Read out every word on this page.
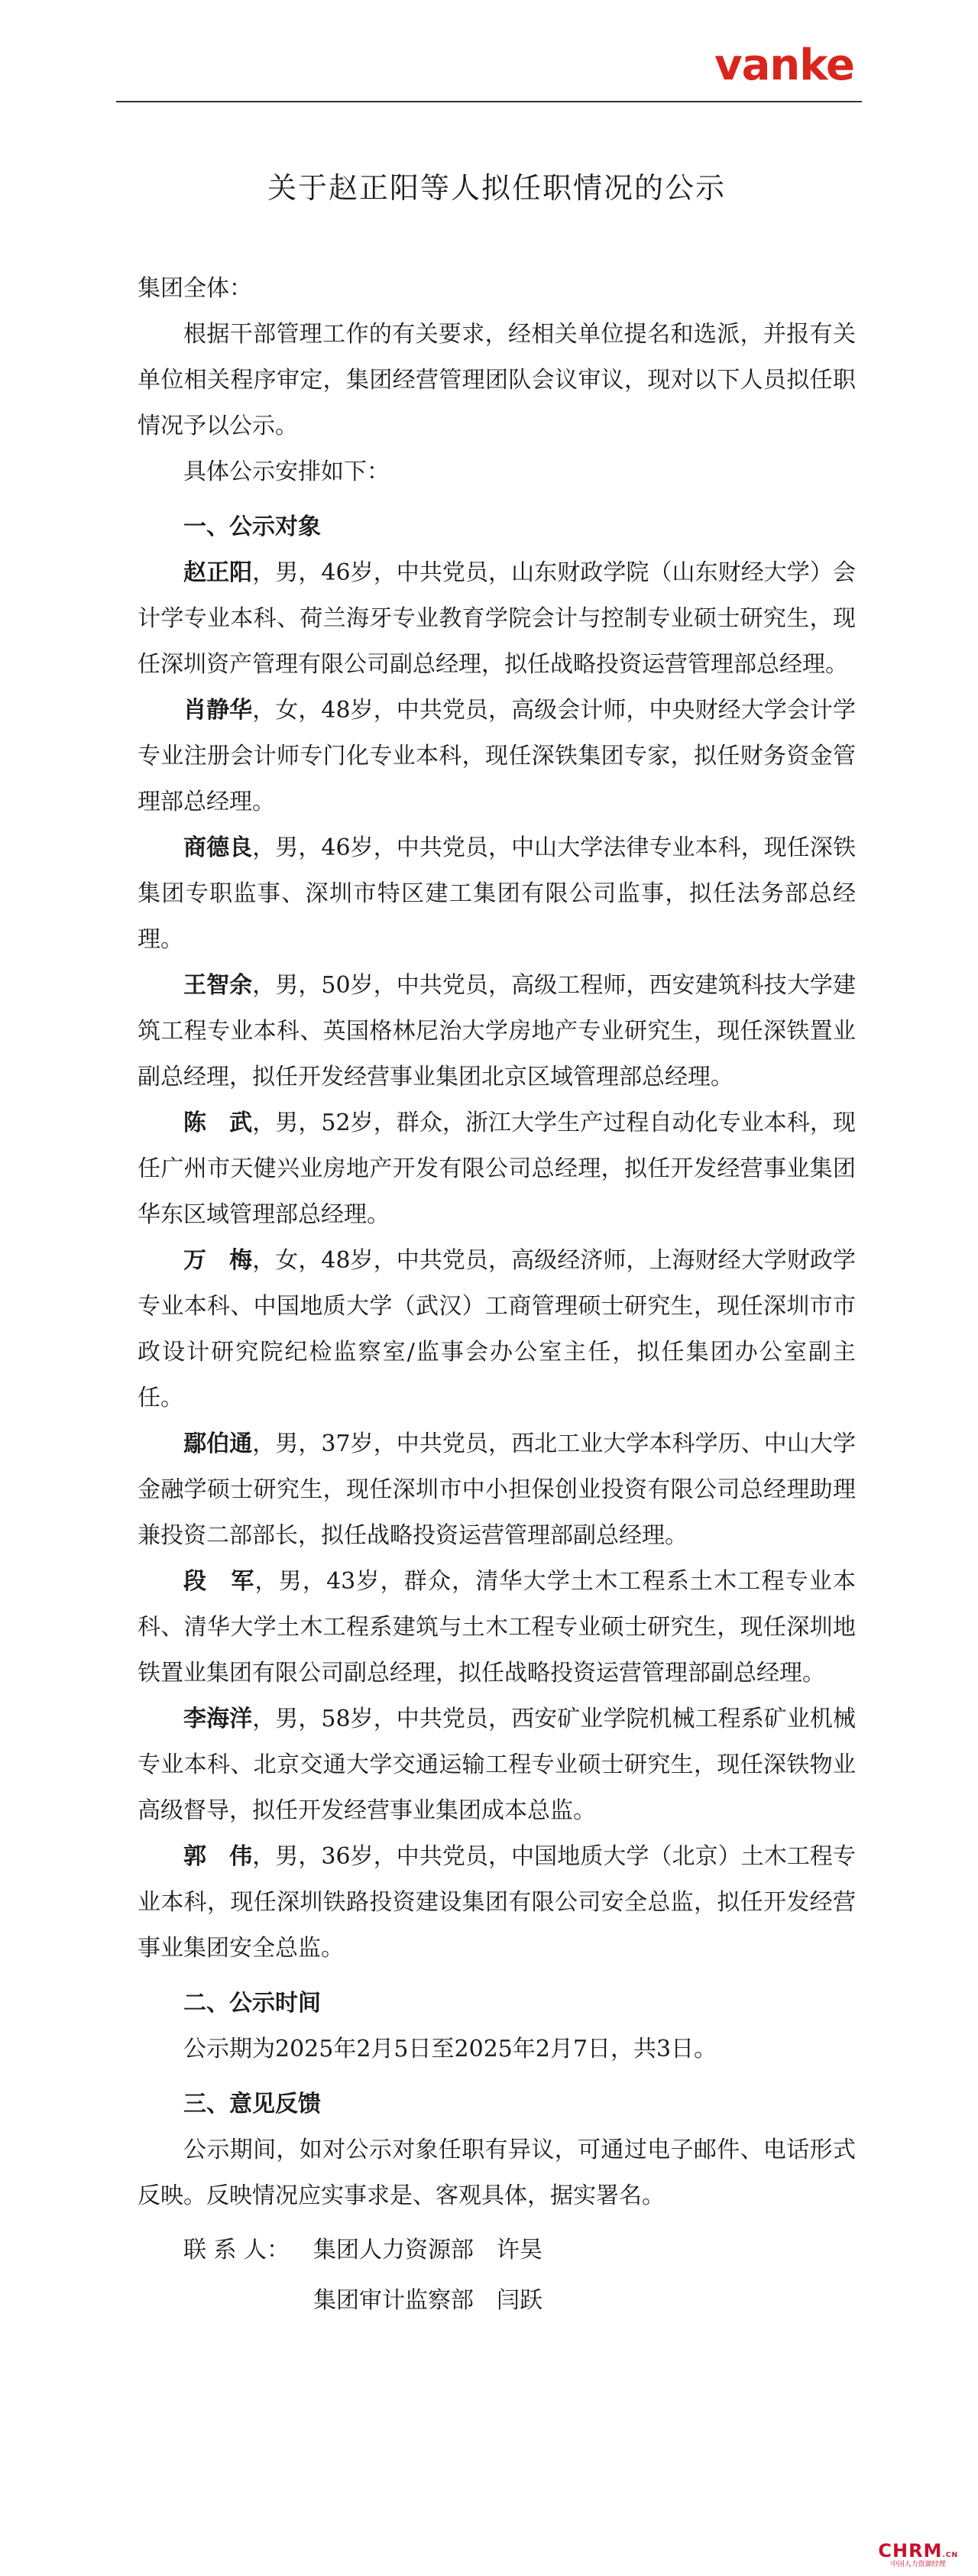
vanke
关于赵正阳等人拟任职情况的公示

集团全体：

根据干部管理工作的有关要求，经相关单位提名和选派，并报有关单位相关程序审定，集团经营管理团队会议审议，现对以下人员拟任职情况予以公示。

具体公示安排如下：

一、公示对象

赵正阳，男，46岁，中共党员，山东财政学院（山东财经大学）会计学专业本科、荷兰海牙专业教育学院会计与控制专业硕士研究生，现任深圳资产管理有限公司副总经理，拟任战略投资运营管理部总经理。

肖静华，女，48岁，中共党员，高级会计师，中央财经大学会计学专业注册会计师专门化专业本科，现任深铁集团专家，拟任财务资金管理部总经理。

商德良，男，46岁，中共党员，中山大学法律专业本科，现任深铁集团专职监事、深圳市特区建工集团有限公司监事，拟任法务部总经理。

王智余，男，50岁，中共党员，高级工程师，西安建筑科技大学建筑工程专业本科、英国格林尼治大学房地产专业研究生，现任深铁置业副总经理，拟任开发经营事业集团北京区域管理部总经理。

陈　武，男，52岁，群众，浙江大学生产过程自动化专业本科，现任广州市天健兴业房地产开发有限公司总经理，拟任开发经营事业集团华东区域管理部总经理。

万　梅，女，48岁，中共党员，高级经济师，上海财经大学财政学专业本科、中国地质大学（武汉）工商管理硕士研究生，现任深圳市市政设计研究院纪检监察室/监事会办公室主任，拟任集团办公室副主任。

鄢伯通，男，37岁，中共党员，西北工业大学本科学历、中山大学金融学硕士研究生，现任深圳市中小担保创业投资有限公司总经理助理兼投资二部部长，拟任战略投资运营管理部副总经理。

段　军，男，43岁，群众，清华大学土木工程系土木工程专业本科、清华大学土木工程系建筑与土木工程专业硕士研究生，现任深圳地铁置业集团有限公司副总经理，拟任战略投资运营管理部副总经理。

李海洋，男，58岁，中共党员，西安矿业学院机械工程系矿业机械专业本科、北京交通大学交通运输工程专业硕士研究生，现任深铁物业高级督导，拟任开发经营事业集团成本总监。

郭　伟，男，36岁，中共党员，中国地质大学（北京）土木工程专业本科，现任深圳铁路投资建设集团有限公司安全总监，拟任开发经营事业集团安全总监。

二、公示时间

公示期为2025年2月5日至2025年2月7日，共3日。

三、意见反馈

公示期间，如对公示对象任职有异议，可通过电子邮件、电话形式反映。反映情况应实事求是、客观具体，据实署名。

联 系 人： 集团人力资源部　 许昊
集团审计监察部　 闫跃
CHRM.CN
中国人力资源经理
